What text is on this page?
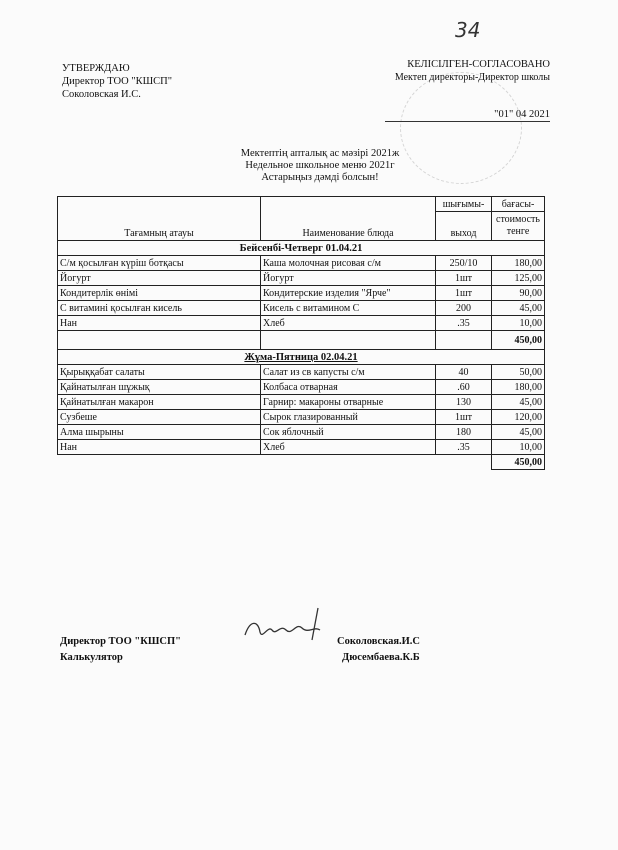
34
УТВЕРЖДАЮ
Директор ТОО "КШСП"
Соколовская И.С.
КЕЛІСІЛГЕН-СОГЛАСОВАНО
Мектеп директоры-Директор школы
"01" 04 2021
Мектептің апталық ас мәзірі 2021ж
Недельное школьное меню 2021г
Астарыңыз дәмді болсын!
Тағамның атауы	Наименование блюда	шығымы-	бағасы-
		выход	стоимость
тенге

Бейсенбі-Четверг 01.04.21			
С/м қосылған күріш ботқасы	Каша молочная рисовая с/м	250/10	180,00
Йогурт	Йогурт	1шт	125,00
Кондитерлік өнімі	Кондитерские изделия "Ярче"	1шт	90,00
С витамині қосылған кисель	Кисель с витамином С	200	45,00
Нан	Хлеб	.35	10,00
			450,00
Жұма-Пятница 02.04.21			
Қырыққабат салаты	Салат из св капусты с/м	40	50,00
Қайнатылған шұжық	Колбаса отварная	.60	180,00
Қайнатылған макарон	Гарнир: макароны отварные	130	45,00
Сузбеше	Сырок глазированный	1шт	120,00
Алма шырыны	Сок яблочный	180	45,00
Нан	Хлеб	.35	10,00
			450,00
Директор ТОО "КШСП"	Соколовская.И.С
Калькулятор	Дюсембаева.К.Б
